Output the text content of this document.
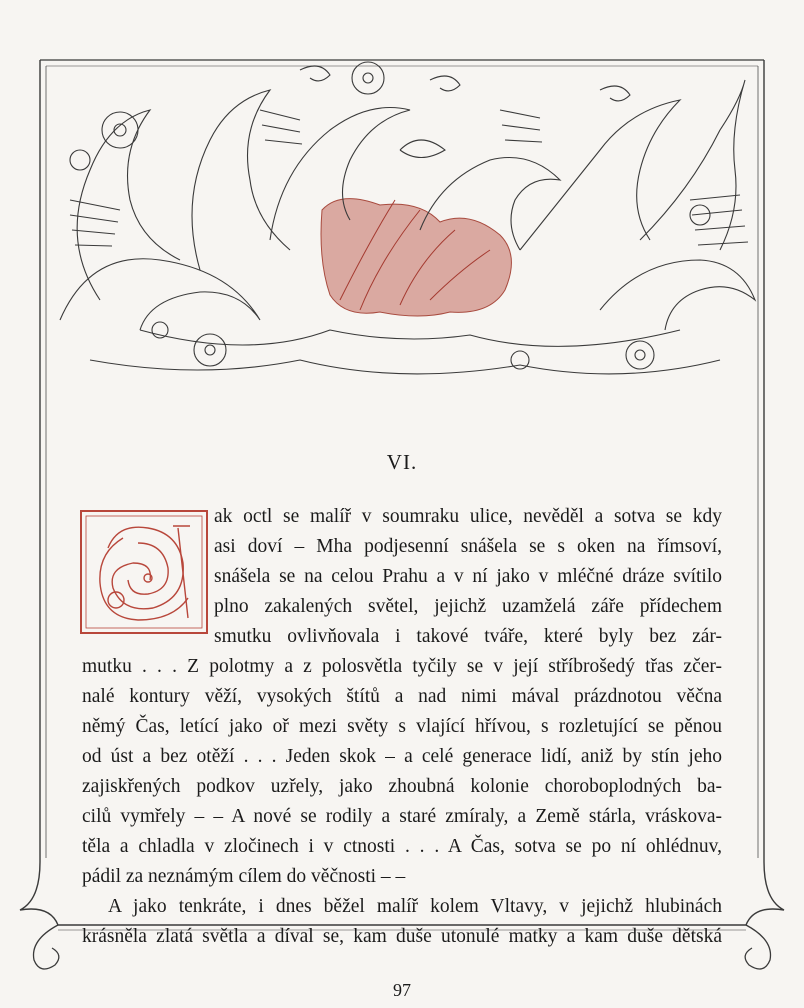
VI.
ak octl se malíř v soumraku ulice, nevěděl a sotva se kdy
asi doví – Mha podjesenní snášela se s oken na římsoví,
snášela se na celou Prahu a v ní jako v mléčné dráze svítilo
plno zakalených světel, jejichž uzamželá záře přídechem
smutku ovlivňovala i takové tváře, které byly bez zár-
mutku . . . Z polotmy a z polosvětla tyčily se v její stříbrošedý třas zčer-
nalé kontury věží, vysokých štítů a nad nimi mával prázdnotou věčna
němý Čas, letící jako oř mezi světy s vlající hřívou, s rozletující se pěnou
od úst a bez otěží . . . Jeden skok – a celé generace lidí, aniž by stín jeho
zajiskřených podkov uzřely, jako zhoubná kolonie choroboplodných ba-
cilů vymřely – – A nové se rodily a staré zmíraly, a Země stárla, vráskova-
těla a chladla v zločinech i v ctnosti . . . A Čas, sotva se po ní ohlédnuv,
pádil za neznámým cílem do věčnosti – –
A jako tenkráte, i dnes běžel malíř kolem Vltavy, v jejichž hlubinách
krásněla zlatá světla a díval se, kam duše utonulé matky a kam duše dětská
97
